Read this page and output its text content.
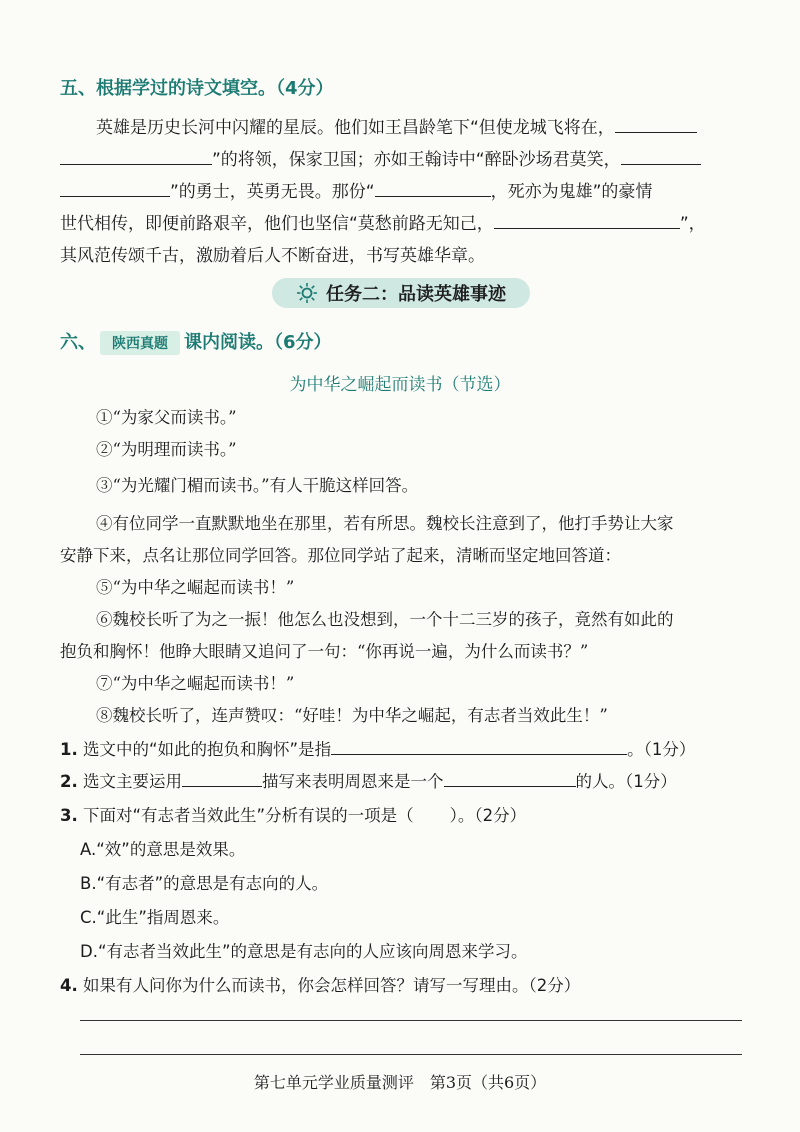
五、根据学过的诗文填空。（4分）
英雄是历史长河中闪耀的星辰。他们如王昌龄笔下“但使龙城飞将在，
”的将领，保家卫国；亦如王翰诗中“醉卧沙场君莫笑，
”的勇士，英勇无畏。那份“	，死亦为鬼雄”的豪情
世代相传，即便前路艰辛，他们也坚信“莫愁前路无知己，	”，
其风范传颂千古，激励着后人不断奋进，书写英雄华章。
任务二：品读英雄事迹
六、 陕西真题 课内阅读。（6分）
为中华之崛起而读书（节选）
①“为家父而读书。”
②“为明理而读书。”
③“为光耀门楣而读书。”有人干脆这样回答。
④有位同学一直默默地坐在那里，若有所思。魏校长注意到了，他打手势让大家
安静下来，点名让那位同学回答。那位同学站了起来，清晰而坚定地回答道：
⑤“为中华之崛起而读书！”
⑥魏校长听了为之一振！他怎么也没想到，一个十二三岁的孩子，竟然有如此的
抱负和胸怀！他睁大眼睛又追问了一句：“你再说一遍，为什么而读书？”
⑦“为中华之崛起而读书！”
⑧魏校长听了，连声赞叹：“好哇！为中华之崛起，有志者当效此生！”
1. 选文中的“如此的抱负和胸怀”是指	。（1分）
2. 选文主要运用	描写来表明周恩来是一个	的人。（1分）
3. 下面对“有志者当效此生”分析有误的一项是（ ）。（2分）
A.“效”的意思是效果。
B.“有志者”的意思是有志向的人。
C.“此生”指周恩来。
D.“有志者当效此生”的意思是有志向的人应该向周恩来学习。
4. 如果有人问你为什么而读书，你会怎样回答？请写一写理由。（2分）
第七单元学业质量测评　第3页（共6页）
